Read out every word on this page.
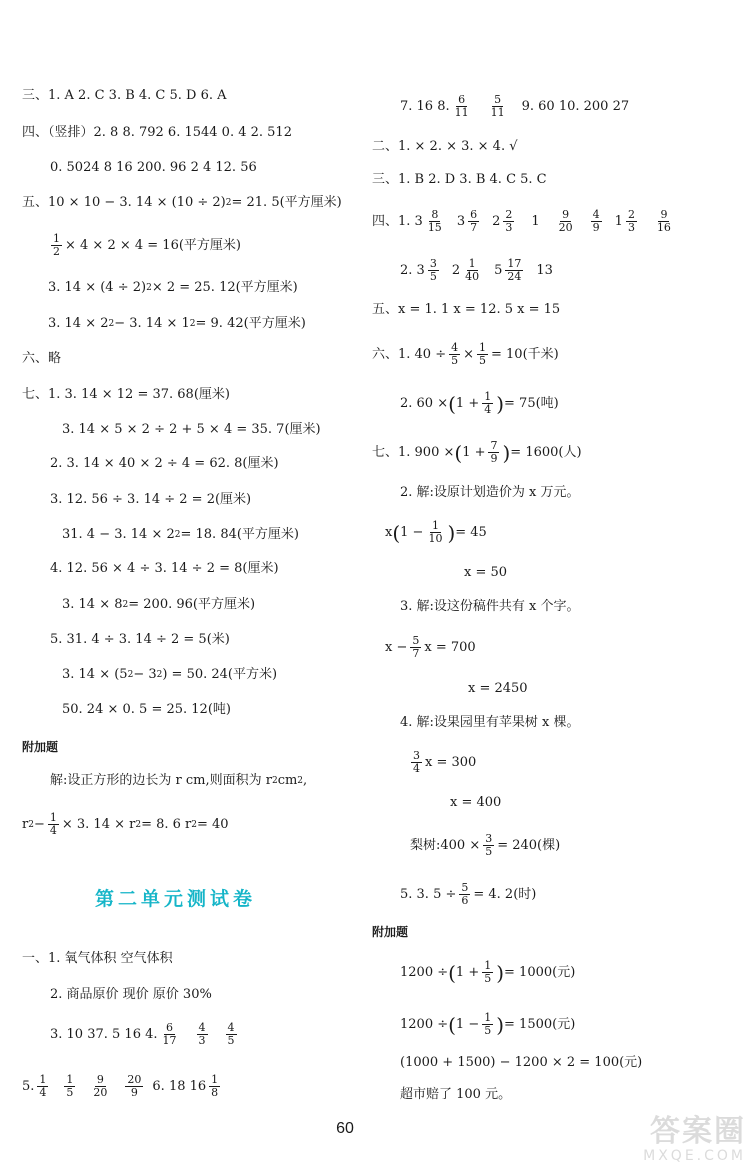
三、1. A 2. C 3. B 4. C 5. D 6. A
四、（竖排）2. 8 8. 792 6. 1544 0. 4 2. 512
0. 5024 8 16 200. 96 2 4 12. 56
五、10 × 10 − 3. 14 × (10 ÷ 2) 2 = 21. 5(平方厘米)
$\frac{1}{2} \times 4 \times 2 \times 4 = 16$(平方厘米)
3. 14 × (4 ÷ 2) 2 × 2 = 25. 12(平方厘米)
3. 14 × 2 2 − 3. 14 × 1 2 = 9. 42(平方厘米)
六、略
七、1. 3. 14 × 12 = 37. 68(厘米)
3. 14 × 5 × 2 ÷ 2 + 5 × 4 = 35. 7(厘米)
2. 3. 14 × 40 × 2 ÷ 4 = 62. 8(厘米)
3. 12. 56 ÷ 3. 14 ÷ 2 = 2(厘米)
31. 4 − 3. 14 × 2 2 = 18. 84(平方厘米)
4. 12. 56 × 4 ÷ 3. 14 ÷ 2 = 8(厘米)
3. 14 × 8 2 = 200. 96(平方厘米)
5. 31. 4 ÷ 3. 14 ÷ 2 = 5(米)
3. 14 × (5 2 − 3 2 ) = 50. 24(平方米)
50. 24 × 0. 5 = 25. 12(吨)
附加题
解:设正方形的边长为 r cm,则面积为 r 2 cm 2 ,
r $2 - \frac{1}{4} \times 3$. 14 × r 2 = 8. 6 r 2 = 40
第二单元测试卷
一、1. 氧气体积 空气体积
2. 商品原价 现价 原价 30%
3. 10 37. 5 16 4. $\frac{6}{17} \frac{4}{3} \frac{4}{5}$
5. $\frac{1}{4} \frac{1}{5} \frac{9}{20} \frac{20}{9} 6$. 18 $16 \frac{1}{8}$
7. 16 8. $\frac{6}{11} \frac{5}{11} 9$. 60 10. 200 27
二、1. × 2. × 3. × 4. √
三、1. B 2. D 3. B 4. C 5. C
四、1. $3 \frac{8}{15} 3 \frac{6}{7} 2 \frac{2}{3} 1 \frac{9}{20} \frac{4}{9} 1 \frac{2}{3} \frac{9}{16}$
2. $3 \frac{3}{5} 2 \frac{1}{40} 5 \frac{17}{24} 13$
五、x = 1. 1 x = 12. 5 x = 15
六、1. $40 \div \frac{4}{5} \times \frac{1}{5} = 10$(千米)
2. 60 × ( $1 + \frac{1}{4}$ ) = 75(吨)
七、1. 900 × ( $1 + \frac{7}{9}$ ) = 1600(人)
2. 解:设原计划造价为 x 万元。
x ( $1 - \frac{1}{10}$ ) = 45
x = 50
3. 解:设这份稿件共有 x 个字。
$x - \frac{5}{7}$ x = 700
x = 2450
4. 解:设果园里有苹果树 x 棵。
$\frac{3}{4}$ x = 300
x = 400
梨树:400 × $\frac{3}{5} = 240$(棵)
5. 3. $5 \div \frac{5}{6} = 4$. 2(时)
附加题
1200 ÷ ( $1 + \frac{1}{5}$ ) = 1000(元)
1200 ÷ ( $1 - \frac{1}{5}$ ) = 1500(元)
(1000 + 1500) − 1200 × 2 = 100(元)
超市赔了 100 元。
60	答案圈
MXQE.COM
